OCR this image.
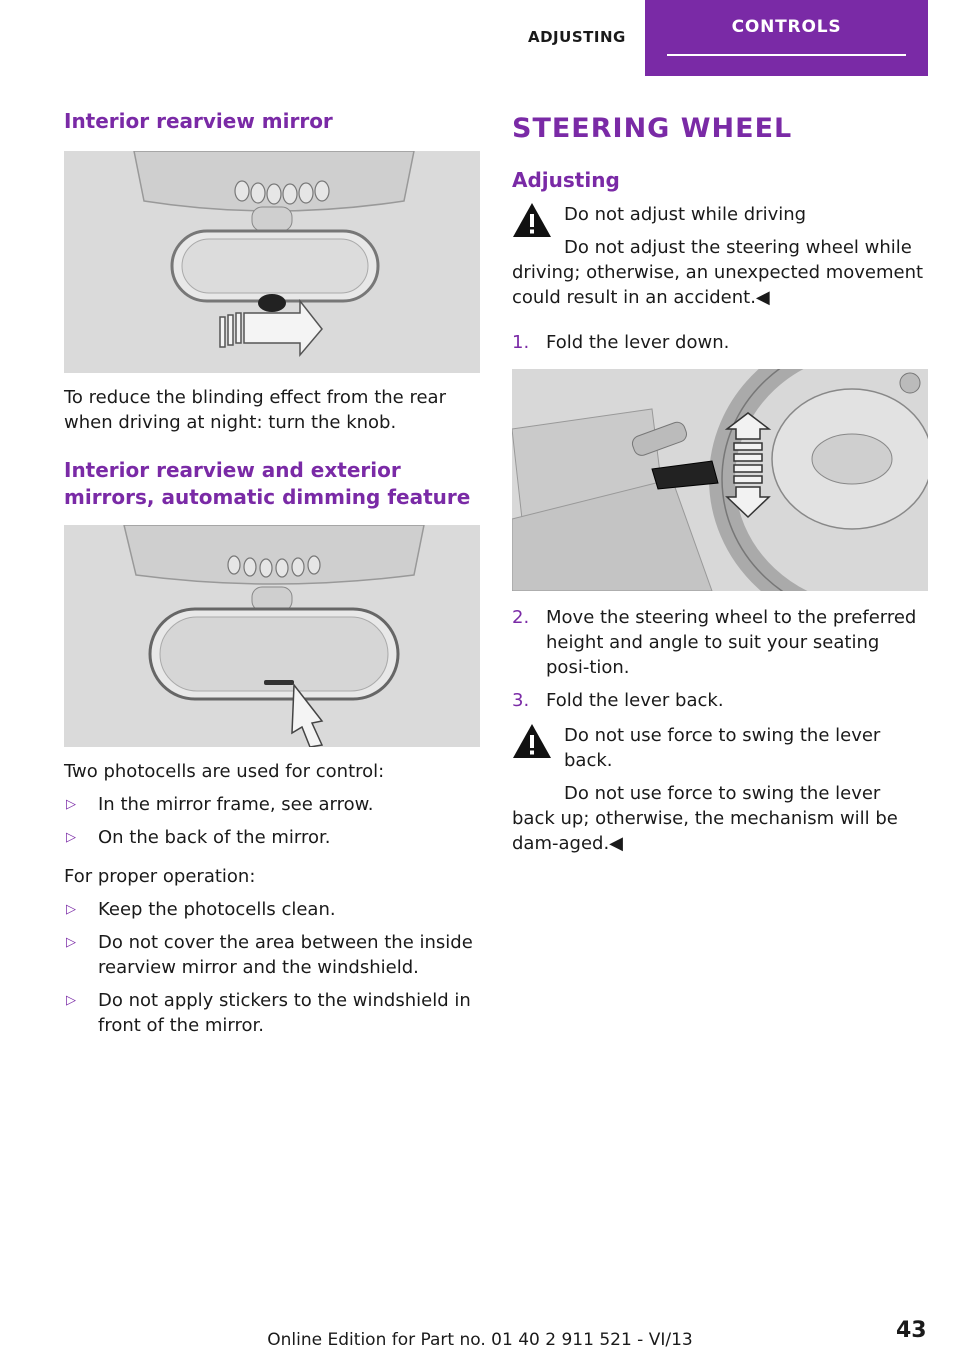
ADJUSTING	CONTROLS
Interior rearview mirror

To reduce the blinding effect from the rear when driving at night: turn the knob.

Interior rearview and exterior mirrors, automatic dimming feature

Two photocells are used for control:

▷ In the mirror frame, see arrow.
▷ On the back of the mirror.

For proper operation:

▷ Keep the photocells clean.
▷ Do not cover the area between the inside rearview mirror and the windshield.
▷ Do not apply stickers to the windshield in front of the mirror.
STEERING WHEEL
Adjusting
Do not adjust while driving
Do not adjust the steering wheel while driving; otherwise, an unexpected movement could result in an accident.◀
1. Fold the lever down.
2. Move the steering wheel to the preferred height and angle to suit your seating posi‐tion.
3. Fold the lever back.
Do not use force to swing the lever back.
Do not use force to swing the lever back up; otherwise, the mechanism will be dam‐aged.◀
Online Edition for Part no. 01 40 2 911 521 - VI/13	43
